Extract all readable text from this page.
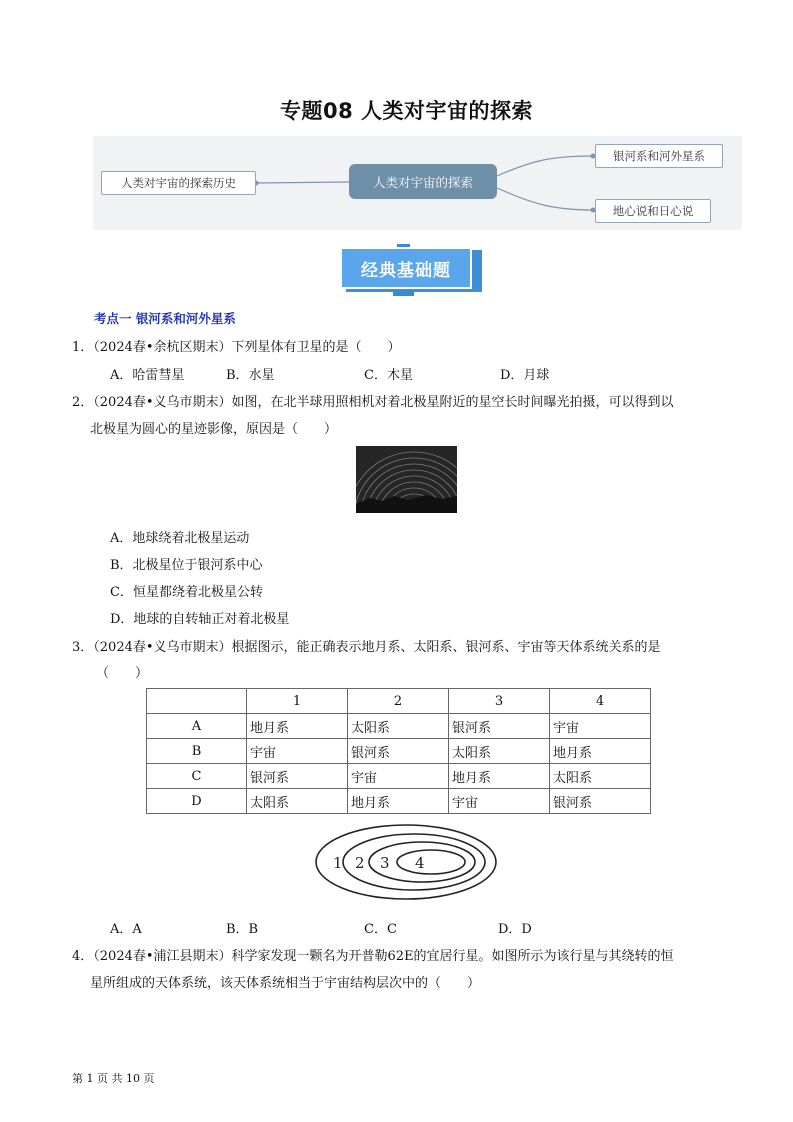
专题08 人类对宇宙的探索
人类对宇宙的探索历史	人类对宇宙的探索
银河系和河外星系
地心说和日心说
经典基础题
考点一 银河系和河外星系
1．（2024春•余杭区期末）下列星体有卫星的是（　　）
A．哈雷彗星	B．水星	C．木星	D．月球
2．（2024春•义乌市期末）如图，在北半球用照相机对着北极星附近的星空长时间曝光拍摄，可以得到以
北极星为圆心的星迹影像，原因是（　　）
A．地球绕着北极星运动
B．北极星位于银河系中心
C．恒星都绕着北极星公转
D．地球的自转轴正对着北极星
3．（2024春•义乌市期末）根据图示，能正确表示地月系、太阳系、银河系、宇宙等天体系统关系的是
（　　）
	1	2	3	4
A	地月系	太阳系	银河系	宇宙
B	宇宙	银河系	太阳系	地月系
C	银河系	宇宙	地月系	太阳系
D	太阳系	地月系	宇宙	银河系
1 2 3 4
A．A	B．B	C．C	D．D
4．（2024春•浦江县期末）科学家发现一颗名为开普勒62E的宜居行星。如图所示为该行星与其绕转的恒
星所组成的天体系统，该天体系统相当于宇宙结构层次中的（　　）
第 1 页 共 10 页
